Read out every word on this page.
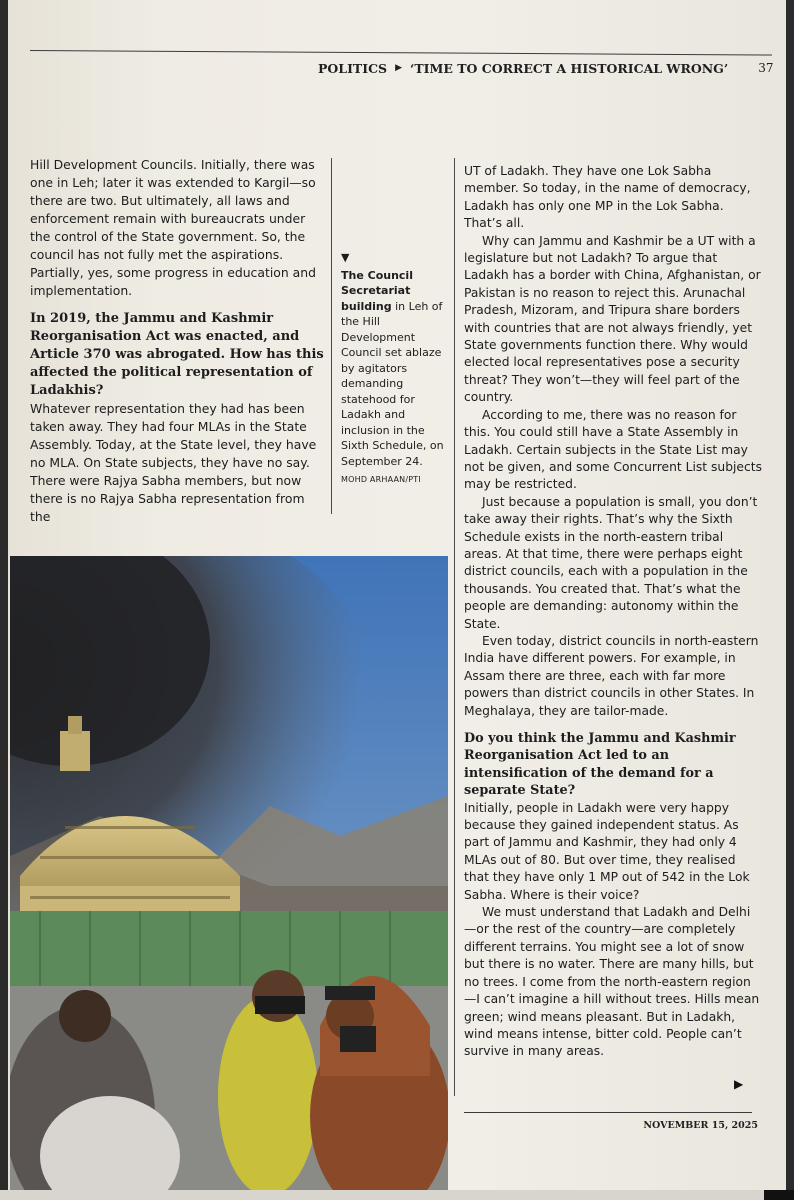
POLITICS ▶ ‘TIME TO CORRECT A HISTORICAL WRONG’	37

Hill Development Councils. Initially, there was one in Leh; later it was extended to Kargil—so there are two. But ultimately, all laws and enforcement remain with bureaucrats under the control of the State government. So, the council has not fully met the aspirations. Partially, yes, some progress in education and implementation.

In 2019, the Jammu and Kashmir Reorganisation Act was enacted, and Article 370 was abrogated. How has this affected the political representation of Ladakhis?

Whatever representation they had has been taken away. They had four MLAs in the State Assembly. Today, at the State level, they have no MLA. On State subjects, they have no say. There were Rajya Sabha members, but now there is no Rajya Sabha representation from the

▼
The Council Secretariat building in Leh of the Hill Development Council set ablaze by agitators demanding statehood for Ladakh and inclusion in the Sixth Schedule, on September 24.
MOHD ARHAAN/PTI

UT of Ladakh. They have one Lok Sabha member. So today, in the name of democracy, Ladakh has only one MP in the Lok Sabha. That’s all.

Why can Jammu and Kashmir be a UT with a legislature but not Ladakh? To argue that Ladakh has a border with China, Afghanistan, or Pakistan is no reason to reject this. Arunachal Pradesh, Mizoram, and Tripura share borders with countries that are not always friendly, yet State governments function there. Why would elected local representatives pose a security threat? They won’t—they will feel part of the country.

According to me, there was no reason for this. You could still have a State Assembly in Ladakh. Certain subjects in the State List may not be given, and some Concurrent List subjects may be restricted.

Just because a population is small, you don’t take away their rights. That’s why the Sixth Schedule exists in the north-eastern tribal areas. At that time, there were perhaps eight district councils, each with a population in the thousands. You created that. That’s what the people are demanding: autonomy within the State.

Even today, district councils in north-eastern India have different powers. For example, in Assam there are three, each with far more powers than district councils in other States. In Meghalaya, they are tailor-made.

Do you think the Jammu and Kashmir Reorganisation Act led to an intensification of the demand for a separate State?

Initially, people in Ladakh were very happy because they gained independent status. As part of Jammu and Kashmir, they had only 4 MLAs out of 80. But over time, they realised that they have only 1 MP out of 542 in the Lok Sabha. Where is their voice?

We must understand that Ladakh and Delhi—or the rest of the country—are completely different terrains. You might see a lot of snow but there is no water. There are many hills, but no trees. I come from the north-eastern region—I can’t imagine a hill without trees. Hills mean green; wind means pleasant. But in Ladakh, wind means intense, bitter cold. People can’t survive in many areas.

▶
NOVEMBER 15, 2025
